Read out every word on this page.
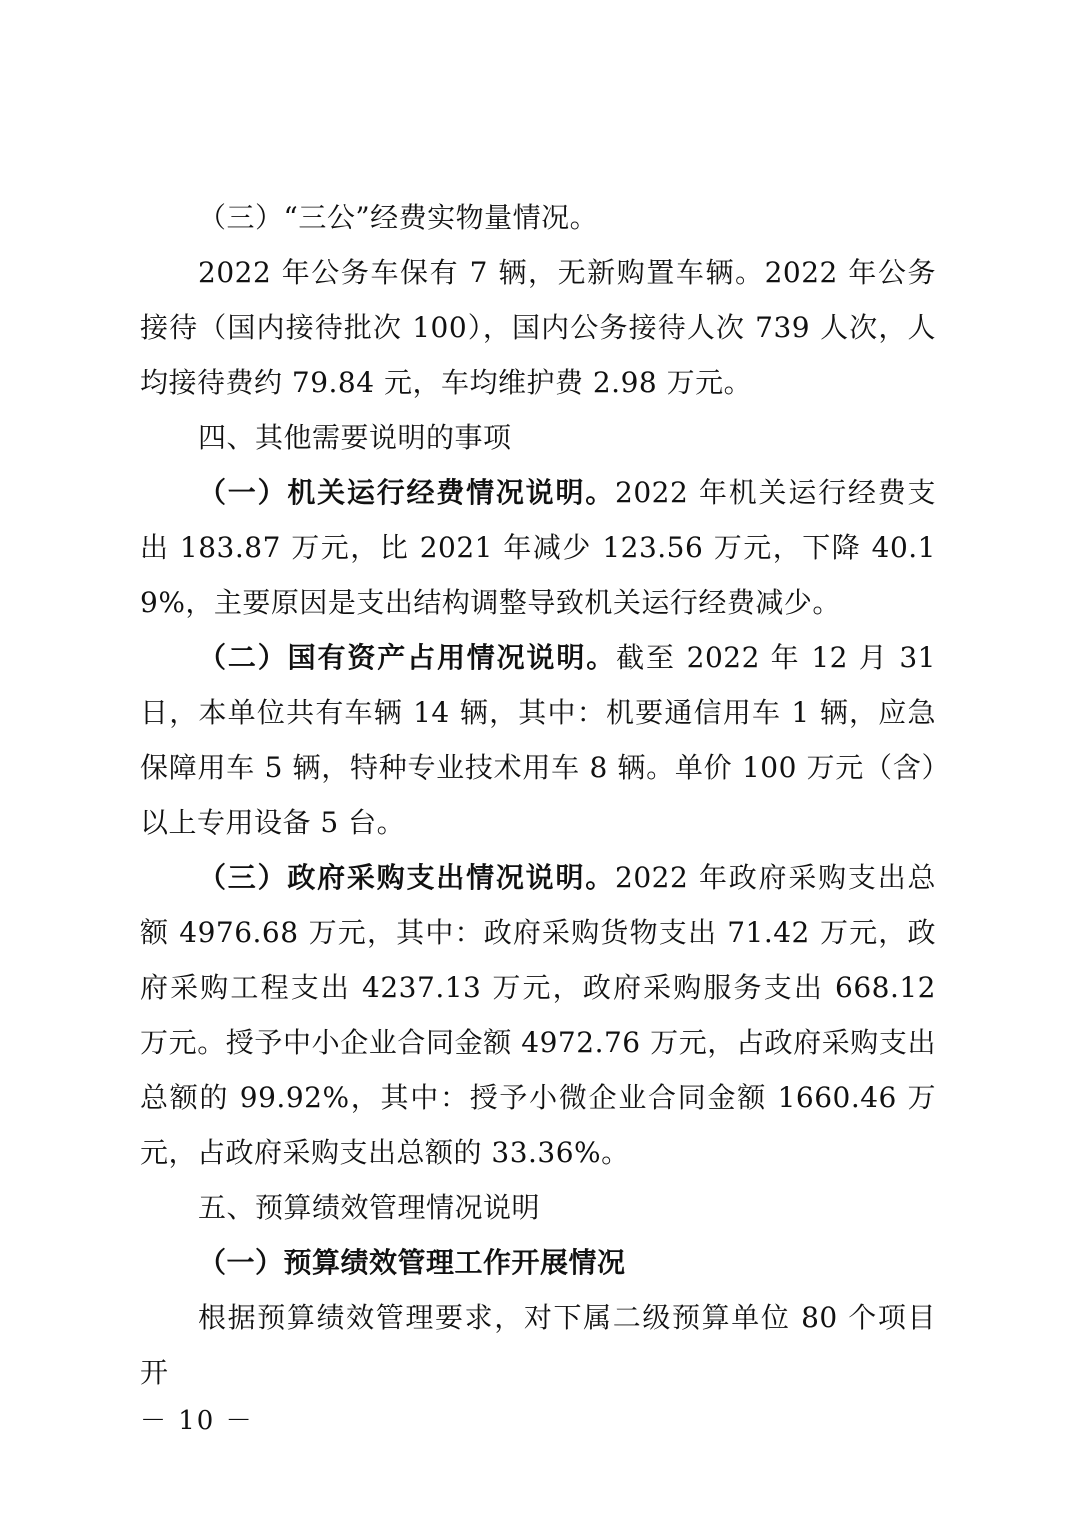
（三）“三公”经费实物量情况。

2022 年公务车保有 7 辆，无新购置车辆。2022 年公务接待（国内接待批次 100），国内公务接待人次 739 人次，人均接待费约 79.84 元，车均维护费 2.98 万元。

四、其他需要说明的事项

（一）机关运行经费情况说明。2022 年机关运行经费支出 183.87 万元，比 2021 年减少 123.56 万元，下降 40.19%，主要原因是支出结构调整导致机关运行经费减少。

（二）国有资产占用情况说明。截至 2022 年 12 月 31 日，本单位共有车辆 14 辆，其中：机要通信用车 1 辆，应急保障用车 5 辆，特种专业技术用车 8 辆。单价 100 万元（含）以上专用设备 5 台。

（三）政府采购支出情况说明。2022 年政府采购支出总额 4976.68 万元，其中：政府采购货物支出 71.42 万元，政府采购工程支出 4237.13 万元，政府采购服务支出 668.12 万元。授予中小企业合同金额 4972.76 万元，占政府采购支出总额的 99.92%，其中：授予小微企业合同金额 1660.46 万元，占政府采购支出总额的 33.36%。

五、预算绩效管理情况说明

（一）预算绩效管理工作开展情况

根据预算绩效管理要求，对下属二级预算单位 80 个项目开

－ 10 －
